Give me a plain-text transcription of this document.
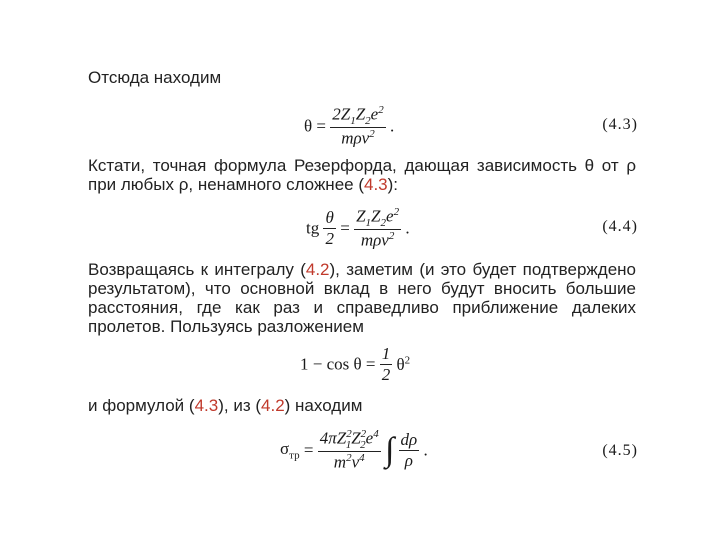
Отсюда находим
$\theta = \frac{2Z_1Z_2e^2}{m\rho v^2}$ .	(4.3)
Кстати, точная формула Резерфорда, дающая зависимость θ от ρ при любых ρ, ненамного сложнее (4.3):
tg $\frac{\theta}{2} = \frac{Z_1Z_2e^2}{m\rho v^2}$ .	(4.4)
Возвращаясь к интегралу (4.2), заметим (и это будет подтверждено результатом), что основной вклад в него будут вносить большие расстояния, где как раз и справедливо приближение далеких пролетов. Пользуясь разложением
$1 - \cos \theta = \frac{1}{2} \theta^2$
и формулой (4.3), из (4.2) находим
$\sigma_{тр} = \frac{4\pi Z^2_1Z^2_2e^4}{m^2v^4}$ ∫ $\frac{d\rho}{\rho}$ .	(4.5)
